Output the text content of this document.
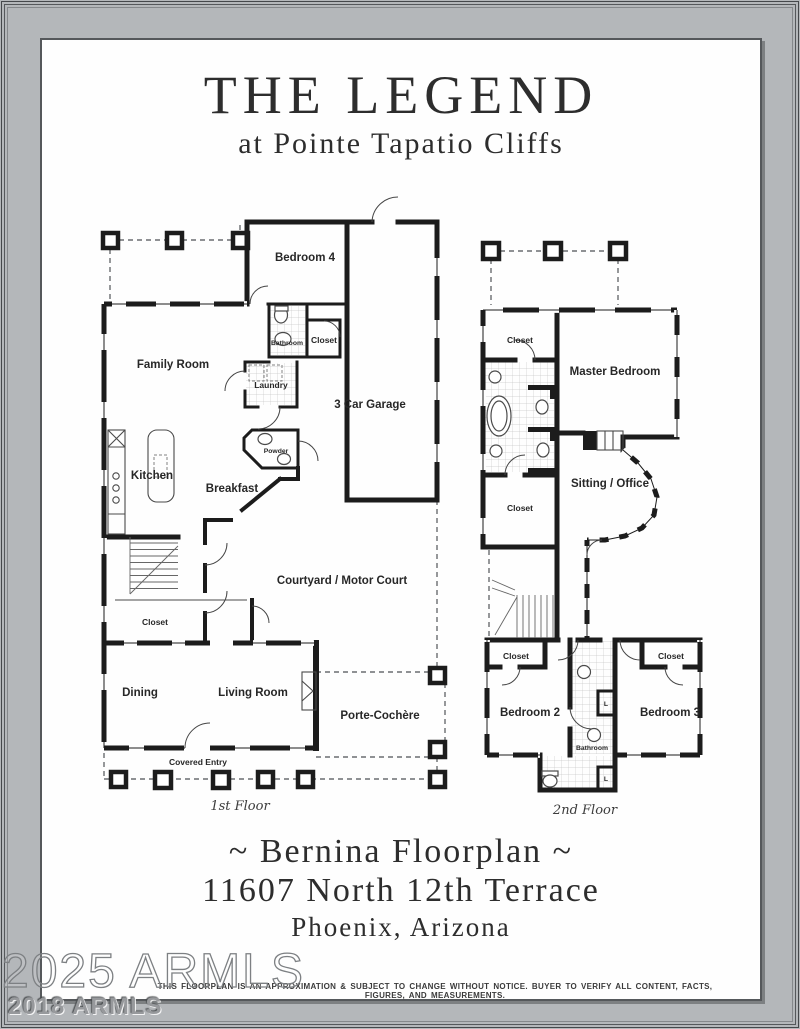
THE LEGEND
at Pointe Tapatio Cliffs
Bedroom 4
Bathroom Closet
Family Room
Laundry
3 Car Garage
Kitchen
Powder
Breakfast
Courtyard / Motor Court
Closet
Dining	Living Room
Porte-Cochère
Covered Entry
Closet
Master Bedroom
Closet
Sitting / Office
Closet	Closet
Bedroom 2	Bedroom 3
Bathroom
L
L
1st Floor	2nd Floor
~ Bernina Floorplan ~
11607 North 12th Terrace
Phoenix, Arizona
THIS FLOORPLAN IS AN APPROXIMATION & SUBJECT TO CHANGE WITHOUT NOTICE. BUYER TO VERIFY ALL CONTENT, FACTS, FIGURES, AND MEASUREMENTS.
2025 ARMLS
2018 ARMLS
